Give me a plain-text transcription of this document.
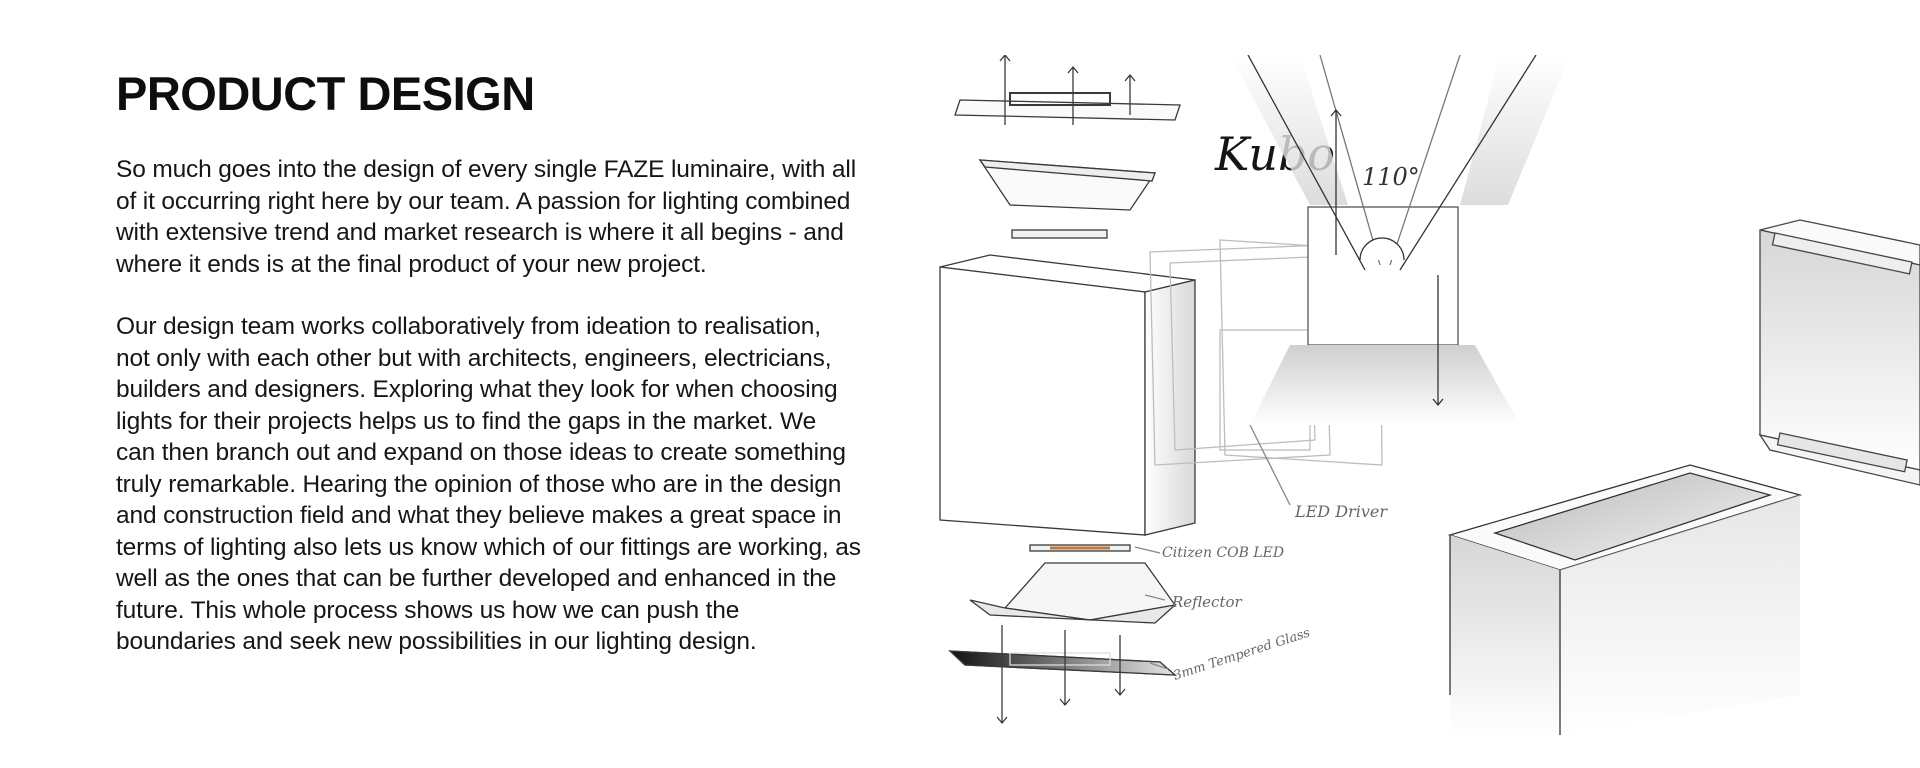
PRODUCT DESIGN

So much goes into the design of every single FAZE luminaire, with all of it occurring right here by our team. A passion for lighting combined with extensive trend and market research is where it all begins - and where it ends is at the final product of your new project.

Our design team works collaboratively from ideation to realisation, not only with each other but with architects, engineers, electricians, builders and designers. Exploring what they look for when choosing lights for their projects helps us to find the gaps in the market. We can then branch out and expand on those ideas to create something truly remarkable. Hearing the opinion of those who are in the design and construction field and what they believe makes a great space in terms of lighting also lets us know which of our fittings are working, as well as the ones that can be further developed and enhanced in the future. This whole process shows us how we can push the boundaries and seek new possibilities in our lighting design.

Kubo
LED Driver
Citizen COB LED
Reflector
3mm Tempered Glass
110°
